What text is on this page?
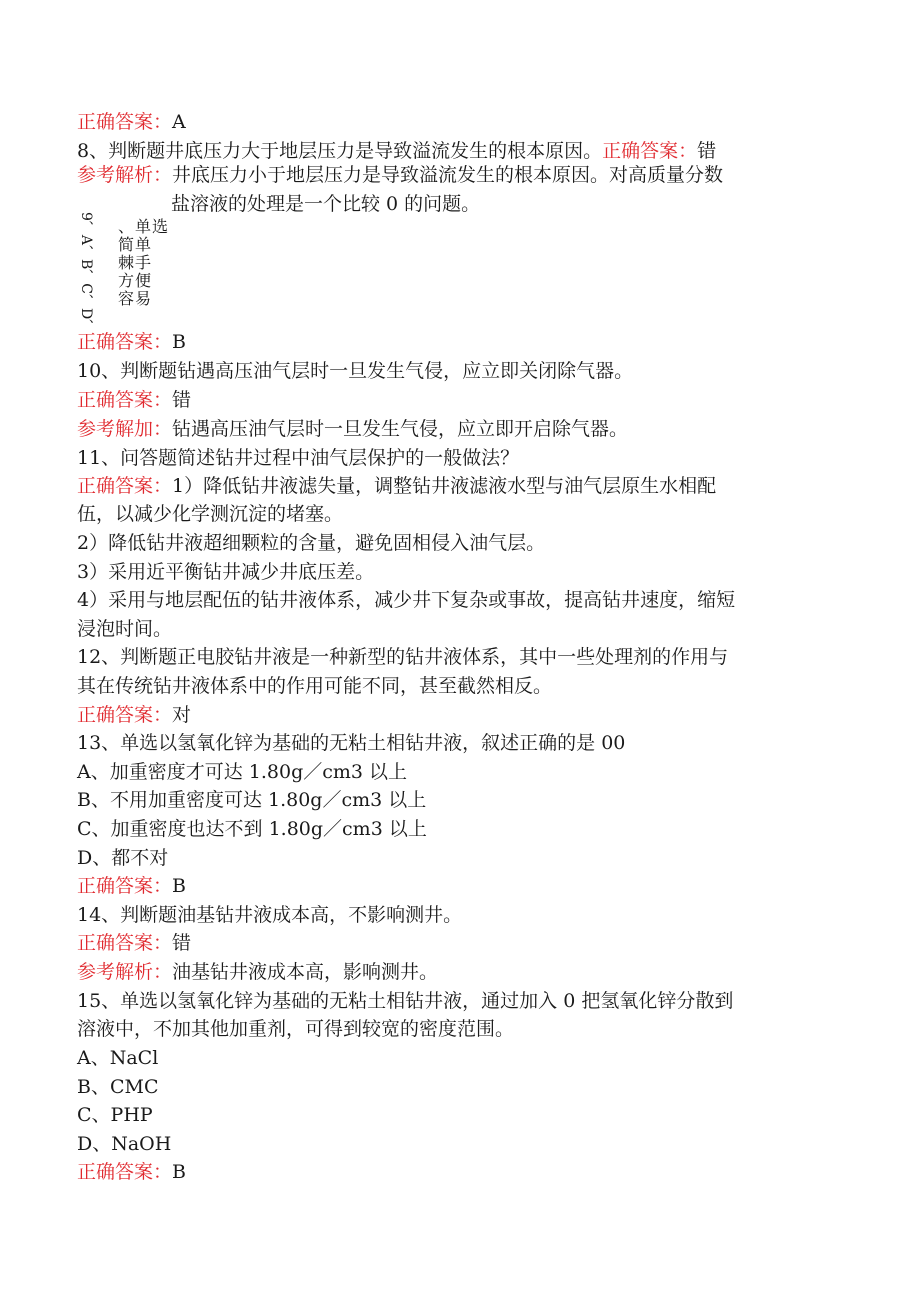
正确答案：A
8、判断题井底压力大于地层压力是导致溢流发生的根本原因。正确答案：错
参考解析：井底压力小于地层压力是导致溢流发生的根本原因。对高质量分数
盐溶液的处理是一个比较 0 的问题。
9、A、B、C、D、 、单选
简单
棘手
方便
容易
正确答案：B
10、判断题钻遇高压油气层时一旦发生气侵，应立即关闭除气器。
正确答案：错
参考解加：钻遇高压油气层时一旦发生气侵，应立即开启除气器。
11、问答题简述钻井过程中油气层保护的一般做法？
正确答案：1）降低钻井液滤失量，调整钻井液滤液水型与油气层原生水相配
伍，以减少化学测沉淀的堵塞。
2）降低钻井液超细颗粒的含量，避免固相侵入油气层。
3）采用近平衡钻井减少井底压差。
4）采用与地层配伍的钻井液体系，减少井下复杂或事故，提高钻井速度，缩短
浸泡时间。
12、判断题正电胶钻井液是一种新型的钻井液体系，其中一些处理剂的作用与
其在传统钻井液体系中的作用可能不同，甚至截然相反。
正确答案：对
13、单选以氢氧化锌为基础的无粘土相钻井液，叙述正确的是 00
A、加重密度才可达 1.80g／cm3 以上
B、不用加重密度可达 1.80g／cm3 以上
C、加重密度也达不到 1.80g／cm3 以上
D、都不对
正确答案：B
14、判断题油基钻井液成本高，不影响测井。
正确答案：错
参考解析：油基钻井液成本高，影响测井。
15、单选以氢氧化锌为基础的无粘土相钻井液，通过加入 0 把氢氧化锌分散到
溶液中，不加其他加重剂，可得到较宽的密度范围。
A、NaCl
B、CMC
C、PHP
D、NaOH
正确答案：B
